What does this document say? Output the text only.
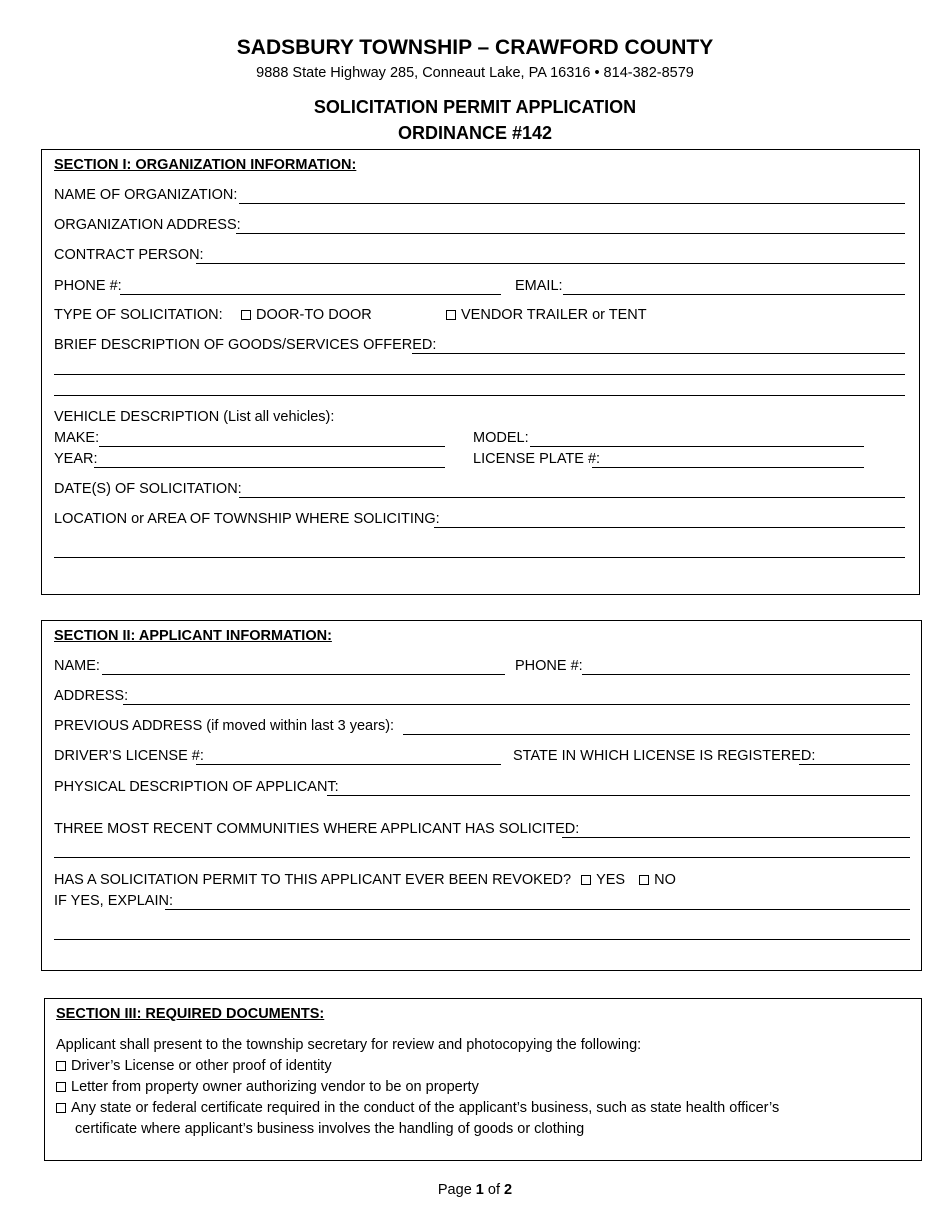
SADSBURY TOWNSHIP – CRAWFORD COUNTY
9888 State Highway 285, Conneaut Lake, PA 16316 • 814-382-8579
SOLICITATION PERMIT APPLICATION
ORDINANCE #142
SECTION I: ORGANIZATION INFORMATION:
NAME OF ORGANIZATION:
ORGANIZATION ADDRESS:
CONTRACT PERSON:
PHONE #:	EMAIL:
TYPE OF SOLICITATION:	DOOR-TO DOOR	VENDOR TRAILER or TENT
BRIEF DESCRIPTION OF GOODS/SERVICES OFFERED:
VEHICLE DESCRIPTION (List all vehicles):
MAKE:	MODEL:
YEAR:	LICENSE PLATE #:
DATE(S) OF SOLICITATION:
LOCATION or AREA OF TOWNSHIP WHERE SOLICITING:
SECTION II: APPLICANT INFORMATION:
NAME:	PHONE #:
ADDRESS:
PREVIOUS ADDRESS (if moved within last 3 years):
DRIVER’S LICENSE #:	STATE IN WHICH LICENSE IS REGISTERED:
PHYSICAL DESCRIPTION OF APPLICANT:
THREE MOST RECENT COMMUNITIES WHERE APPLICANT HAS SOLICITED:
HAS A SOLICITATION PERMIT TO THIS APPLICANT EVER BEEN REVOKED? YES NO
IF YES, EXPLAIN:
SECTION III: REQUIRED DOCUMENTS:
Applicant shall present to the township secretary for review and photocopying the following:
Driver’s License or other proof of identity
Letter from property owner authorizing vendor to be on property
Any state or federal certificate required in the conduct of the applicant’s business, such as state health officer’s
certificate where applicant’s business involves the handling of goods or clothing
Page 1 of 2
